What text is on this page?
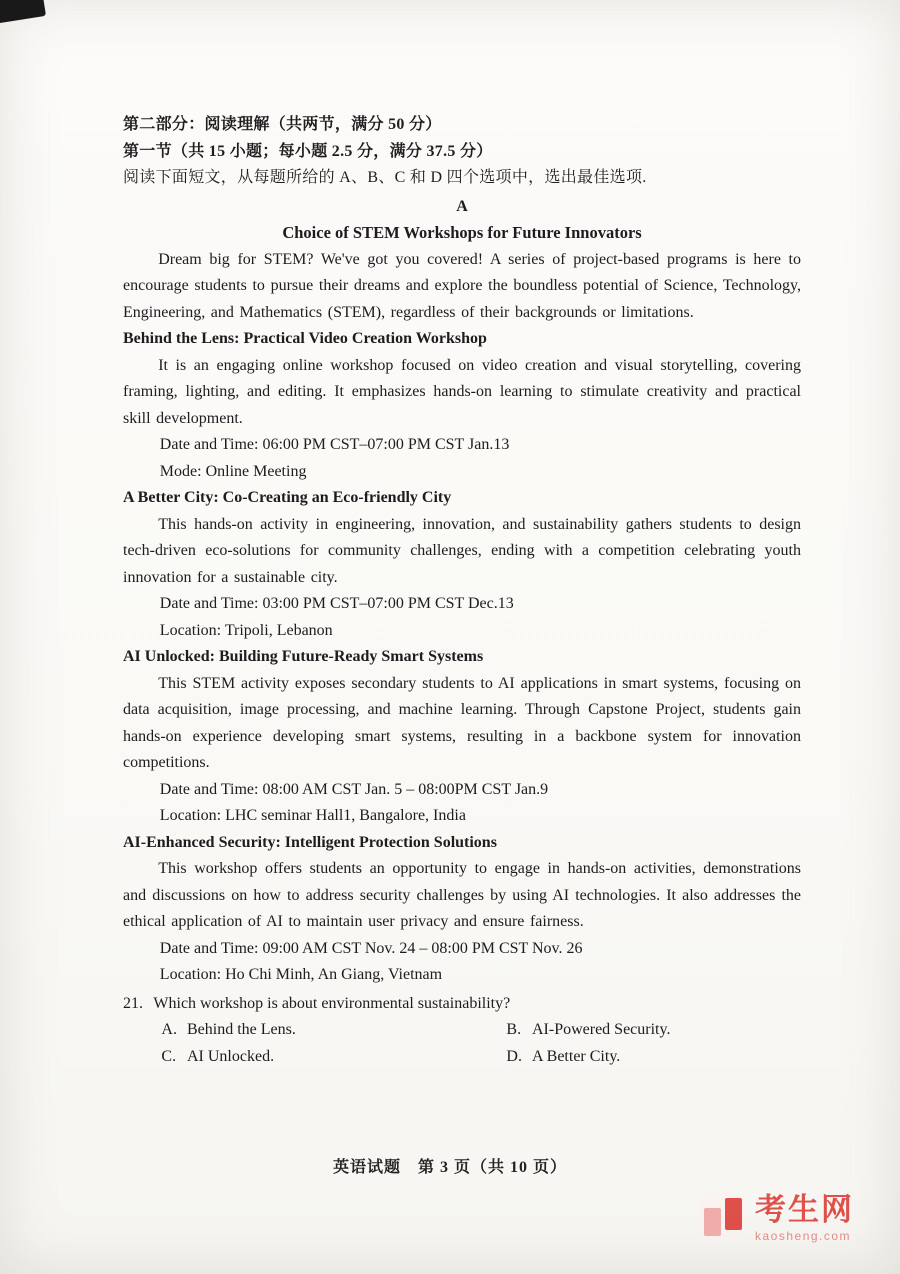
第二部分：阅读理解（共两节，满分 50 分）
第一节（共 15 小题；每小题 2.5 分，满分 37.5 分）
阅读下面短文，从每题所给的 A、B、C 和 D 四个选项中，选出最佳选项.
A
Choice of STEM Workshops for Future Innovators

Dream big for STEM? We've got you covered! A series of project-based programs is here to encourage students to pursue their dreams and explore the boundless potential of Science, Technology, Engineering, and Mathematics (STEM), regardless of their backgrounds or limitations.

Behind the Lens: Practical Video Creation Workshop

It is an engaging online workshop focused on video creation and visual storytelling, covering framing, lighting, and editing. It emphasizes hands-on learning to stimulate creativity and practical skill development.

Date and Time: 06:00 PM CST–07:00 PM CST Jan.13
Mode: Online Meeting

A Better City: Co-Creating an Eco-friendly City

This hands-on activity in engineering, innovation, and sustainability gathers students to design tech-driven eco-solutions for community challenges, ending with a competition celebrating youth innovation for a sustainable city.

Date and Time: 03:00 PM CST–07:00 PM CST Dec.13
Location: Tripoli, Lebanon

AI Unlocked: Building Future-Ready Smart Systems

This STEM activity exposes secondary students to AI applications in smart systems, focusing on data acquisition, image processing, and machine learning. Through Capstone Project, students gain hands-on experience developing smart systems, resulting in a backbone system for innovation competitions.

Date and Time: 08:00 AM CST Jan. 5 – 08:00PM CST Jan.9
Location: LHC seminar Hall1, Bangalore, India

AI-Enhanced Security: Intelligent Protection Solutions

This workshop offers students an opportunity to engage in hands-on activities, demonstrations and discussions on how to address security challenges by using AI technologies. It also addresses the ethical application of AI to maintain user privacy and ensure fairness.

Date and Time: 09:00 AM CST Nov. 24 – 08:00 PM CST Nov. 26
Location: Ho Chi Minh, An Giang, Vietnam
21. Which workshop is about environmental sustainability?
A. Behind the Lens.	B. AI-Powered Security.
C. AI Unlocked.	D. A Better City.
英语试题　第 3 页（共 10 页）
考生网
kaosheng.com
